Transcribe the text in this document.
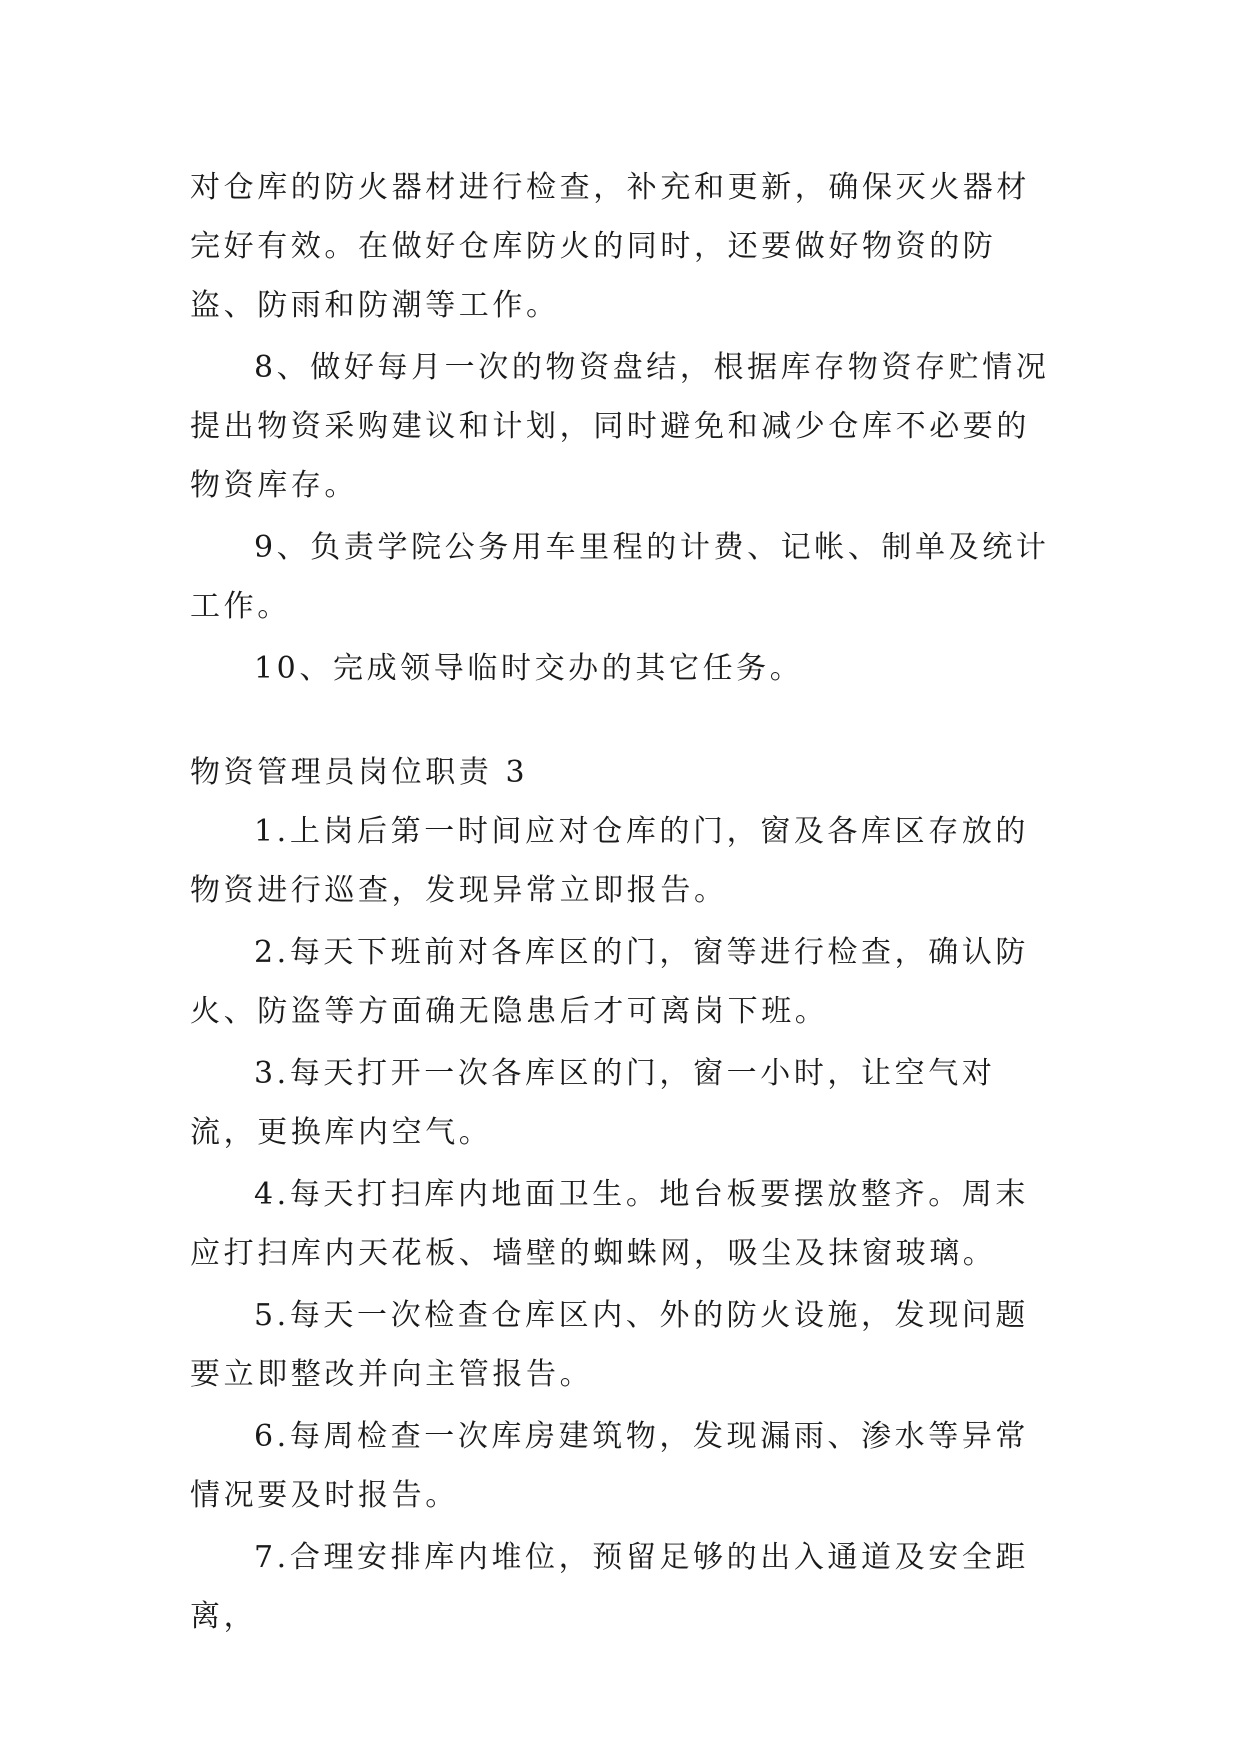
对仓库的防火器材进行检查，补充和更新，确保灭火器材完好有效。在做好仓库防火的同时，还要做好物资的防盗、防雨和防潮等工作。

8、做好每月一次的物资盘结，根据库存物资存贮情况提出物资采购建议和计划，同时避免和减少仓库不必要的物资库存。

9、负责学院公务用车里程的计费、记帐、制单及统计工作。

10、完成领导临时交办的其它任务。

物资管理员岗位职责 3

1.上岗后第一时间应对仓库的门，窗及各库区存放的物资进行巡查，发现异常立即报告。

2.每天下班前对各库区的门，窗等进行检查，确认防火、防盗等方面确无隐患后才可离岗下班。

3.每天打开一次各库区的门，窗一小时，让空气对流，更换库内空气。

4.每天打扫库内地面卫生。地台板要摆放整齐。周末应打扫库内天花板、墙壁的蜘蛛网，吸尘及抹窗玻璃。

5.每天一次检查仓库区内、外的防火设施，发现问题要立即整改并向主管报告。

6.每周检查一次库房建筑物，发现漏雨、渗水等异常情况要及时报告。

7.合理安排库内堆位，预留足够的出入通道及安全距离，
